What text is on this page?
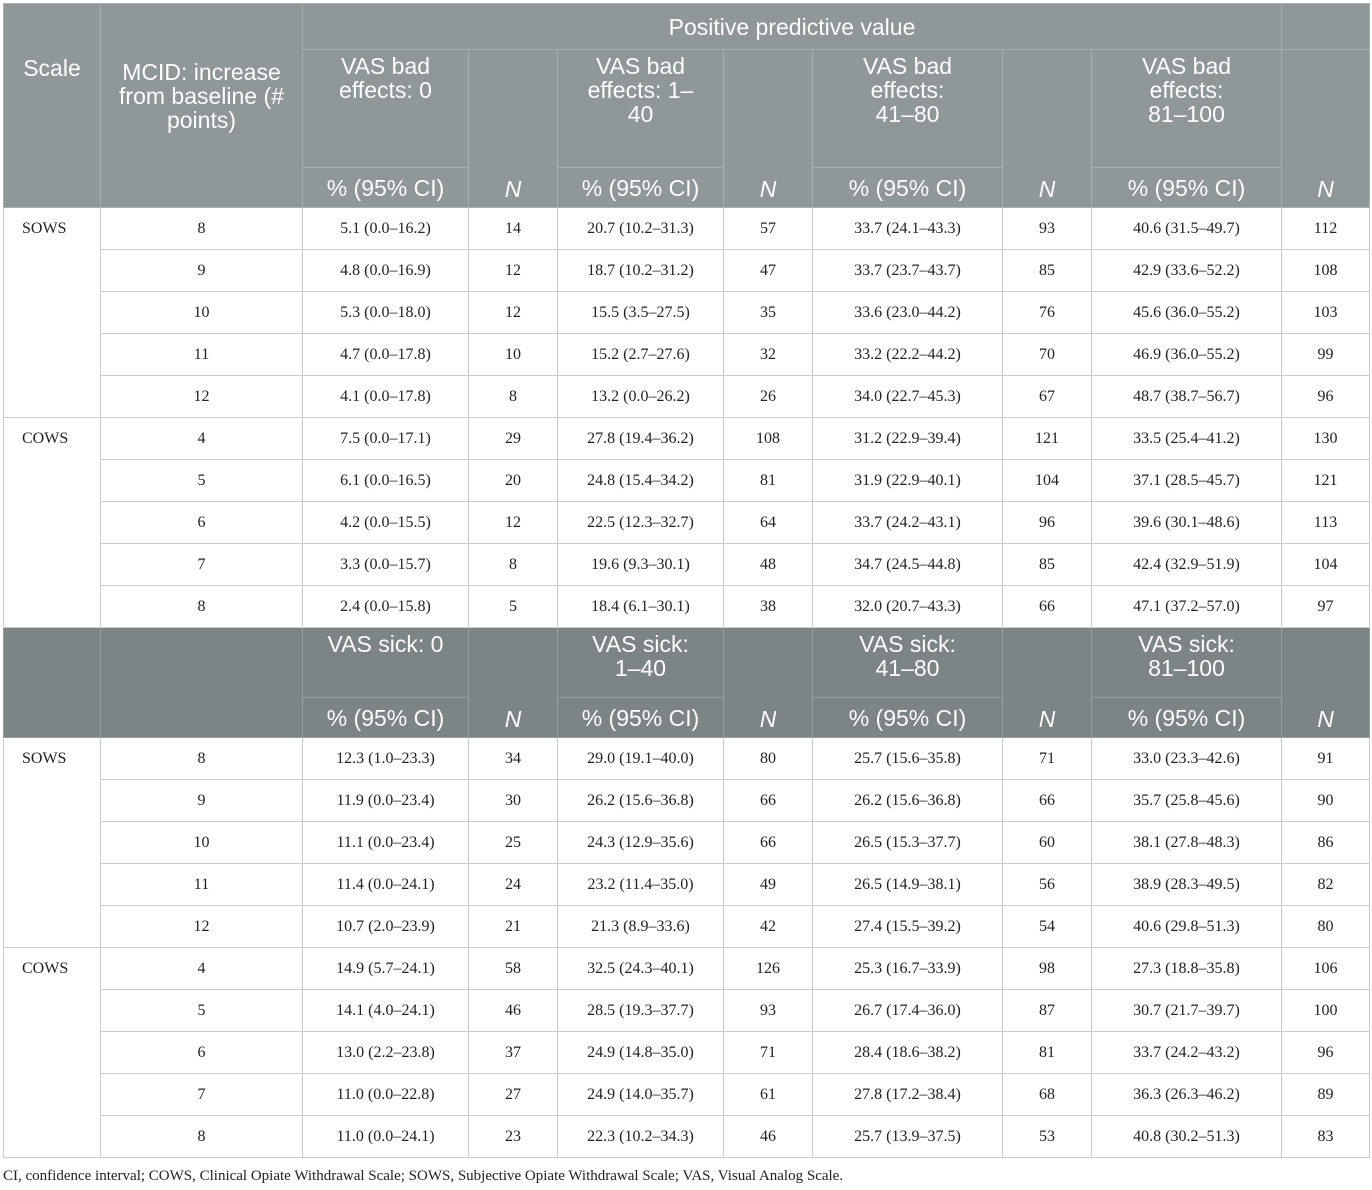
Scale	MCID: increase from baseline (# points)	Positive predictive value							
		VAS bad effects: 0	N	VAS bad effects: 1–40	N	VAS bad effects: 41–80	N	VAS bad effects: 81–100	N
		% (95% CI)		% (95% CI)		% (95% CI)		% (95% CI)	
SOWS	8	5.1 (0.0–16.2)	14	20.7 (10.2–31.3)	57	33.7 (24.1–43.3)	93	40.6 (31.5–49.7)	112
	9	4.8 (0.0–16.9)	12	18.7 (10.2–31.2)	47	33.7 (23.7–43.7)	85	42.9 (33.6–52.2)	108
	10	5.3 (0.0–18.0)	12	15.5 (3.5–27.5)	35	33.6 (23.0–44.2)	76	45.6 (36.0–55.2)	103
	11	4.7 (0.0–17.8)	10	15.2 (2.7–27.6)	32	33.2 (22.2–44.2)	70	46.9 (36.0–55.2)	99
	12	4.1 (0.0–17.8)	8	13.2 (0.0–26.2)	26	34.0 (22.7–45.3)	67	48.7 (38.7–56.7)	96
COWS	4	7.5 (0.0–17.1)	29	27.8 (19.4–36.2)	108	31.2 (22.9–39.4)	121	33.5 (25.4–41.2)	130
	5	6.1 (0.0–16.5)	20	24.8 (15.4–34.2)	81	31.9 (22.9–40.1)	104	37.1 (28.5–45.7)	121
	6	4.2 (0.0–15.5)	12	22.5 (12.3–32.7)	64	33.7 (24.2–43.1)	96	39.6 (30.1–48.6)	113
	7	3.3 (0.0–15.7)	8	19.6 (9.3–30.1)	48	34.7 (24.5–44.8)	85	42.4 (32.9–51.9)	104
	8	2.4 (0.0–15.8)	5	18.4 (6.1–30.1)	38	32.0 (20.7–43.3)	66	47.1 (37.2–57.0)	97
		VAS sick: 0	N	VAS sick: 1–40	N	VAS sick: 41–80	N	VAS sick: 81–100	N
		% (95% CI)		% (95% CI)		% (95% CI)		% (95% CI)	
SOWS	8	12.3 (1.0–23.3)	34	29.0 (19.1–40.0)	80	25.7 (15.6–35.8)	71	33.0 (23.3–42.6)	91
	9	11.9 (0.0–23.4)	30	26.2 (15.6–36.8)	66	26.2 (15.6–36.8)	66	35.7 (25.8–45.6)	90
	10	11.1 (0.0–23.4)	25	24.3 (12.9–35.6)	66	26.5 (15.3–37.7)	60	38.1 (27.8–48.3)	86
	11	11.4 (0.0–24.1)	24	23.2 (11.4–35.0)	49	26.5 (14.9–38.1)	56	38.9 (28.3–49.5)	82
	12	10.7 (2.0–23.9)	21	21.3 (8.9–33.6)	42	27.4 (15.5–39.2)	54	40.6 (29.8–51.3)	80
COWS	4	14.9 (5.7–24.1)	58	32.5 (24.3–40.1)	126	25.3 (16.7–33.9)	98	27.3 (18.8–35.8)	106
	5	14.1 (4.0–24.1)	46	28.5 (19.3–37.7)	93	26.7 (17.4–36.0)	87	30.7 (21.7–39.7)	100
	6	13.0 (2.2–23.8)	37	24.9 (14.8–35.0)	71	28.4 (18.6–38.2)	81	33.7 (24.2–43.2)	96
	7	11.0 (0.0–22.8)	27	24.9 (14.0–35.7)	61	27.8 (17.2–38.4)	68	36.3 (26.3–46.2)	89
	8	11.0 (0.0–24.1)	23	22.3 (10.2–34.3)	46	25.7 (13.9–37.5)	53	40.8 (30.2–51.3)	83
CI, confidence interval; COWS, Clinical Opiate Withdrawal Scale; SOWS, Subjective Opiate Withdrawal Scale; VAS, Visual Analog Scale.
